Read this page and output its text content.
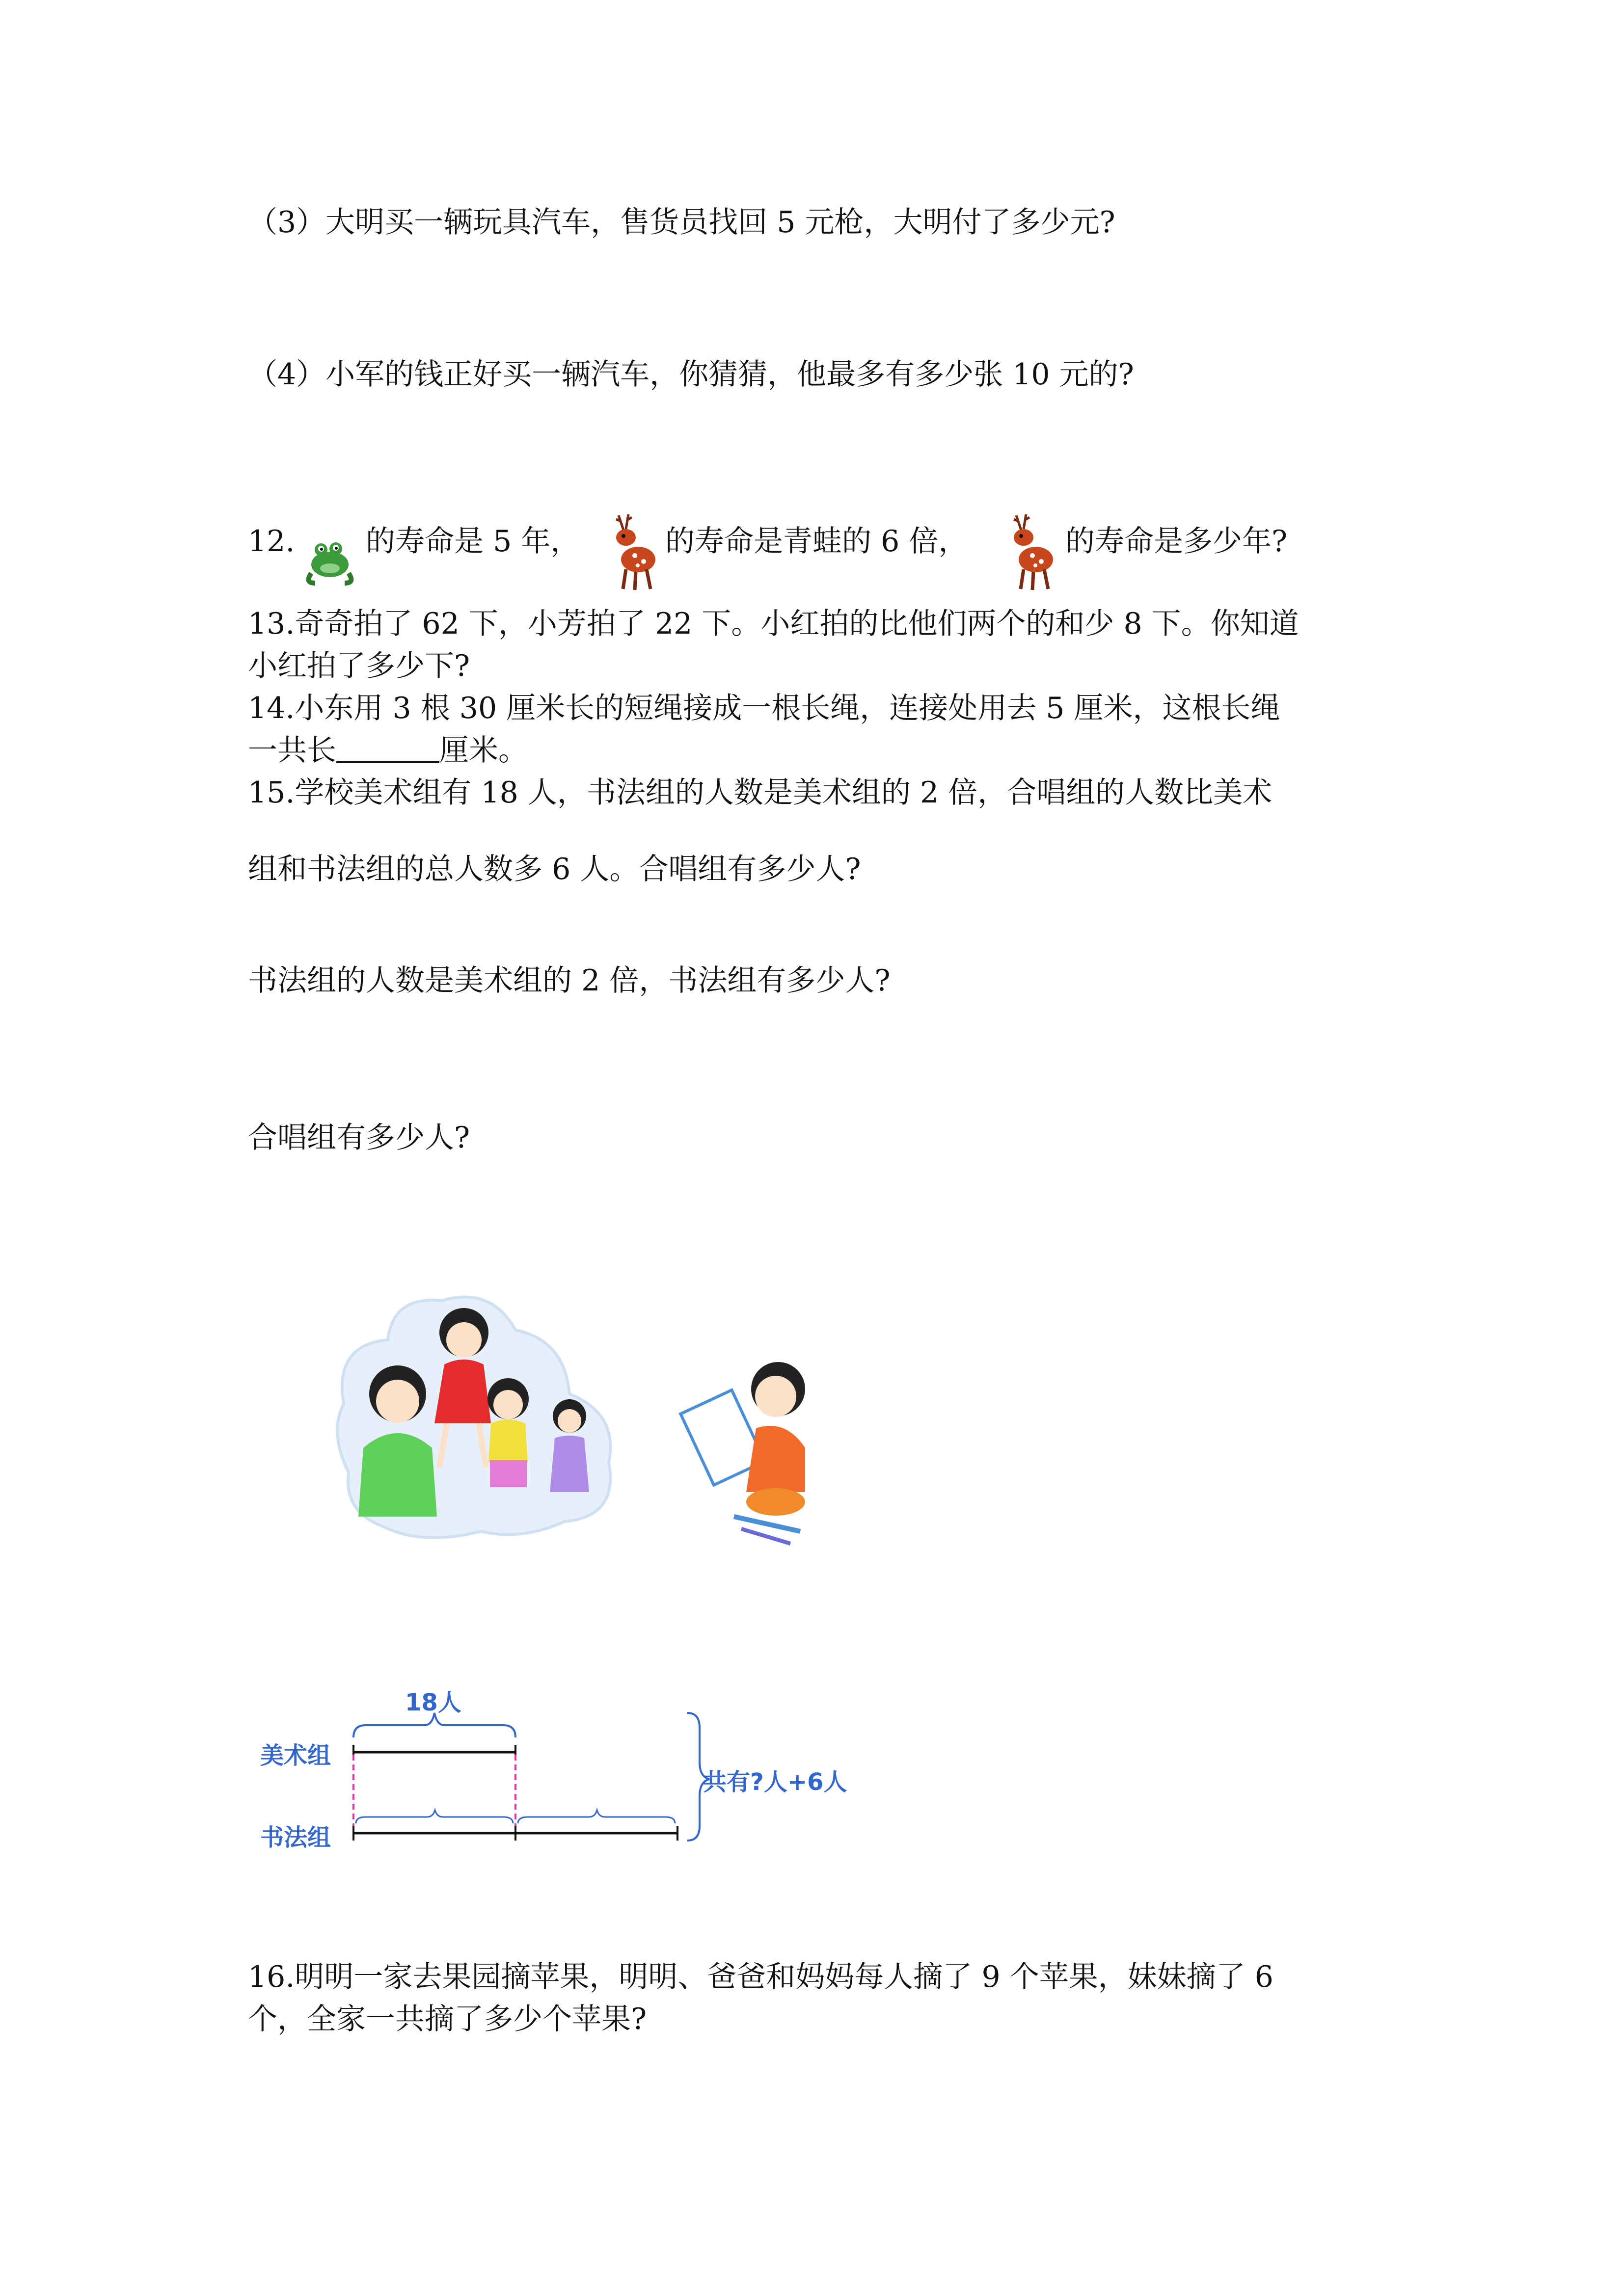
（3）大明买一辆玩具汽车，售货员找回 5 元枪，大明付了多少元?
（4）小军的钱正好买一辆汽车，你猜猜，他最多有多少张 10 元的?
12. 的寿命是 5 年，	的寿命是青蛙的 6 倍，	的寿命是多少年?
13.奇奇拍了 62 下，小芳拍了 22 下。小红拍的比他们两个的和少 8 下。你知道
小红拍了多少下?
14.小东用 3 根 30 厘米长的短绳接成一根长绳，连接处用去 5 厘米，这根长绳
一共长	厘米。
15.学校美术组有 18 人，书法组的人数是美术组的 2 倍，合唱组的人数比美术
组和书法组的总人数多 6 人。合唱组有多少人?
书法组的人数是美术组的 2 倍，书法组有多少人?
合唱组有多少人?
18人
美术组
书法组
共有?人+6人
16.明明一家去果园摘苹果，明明、爸爸和妈妈每人摘了 9 个苹果，妹妹摘了 6
个，全家一共摘了多少个苹果?
